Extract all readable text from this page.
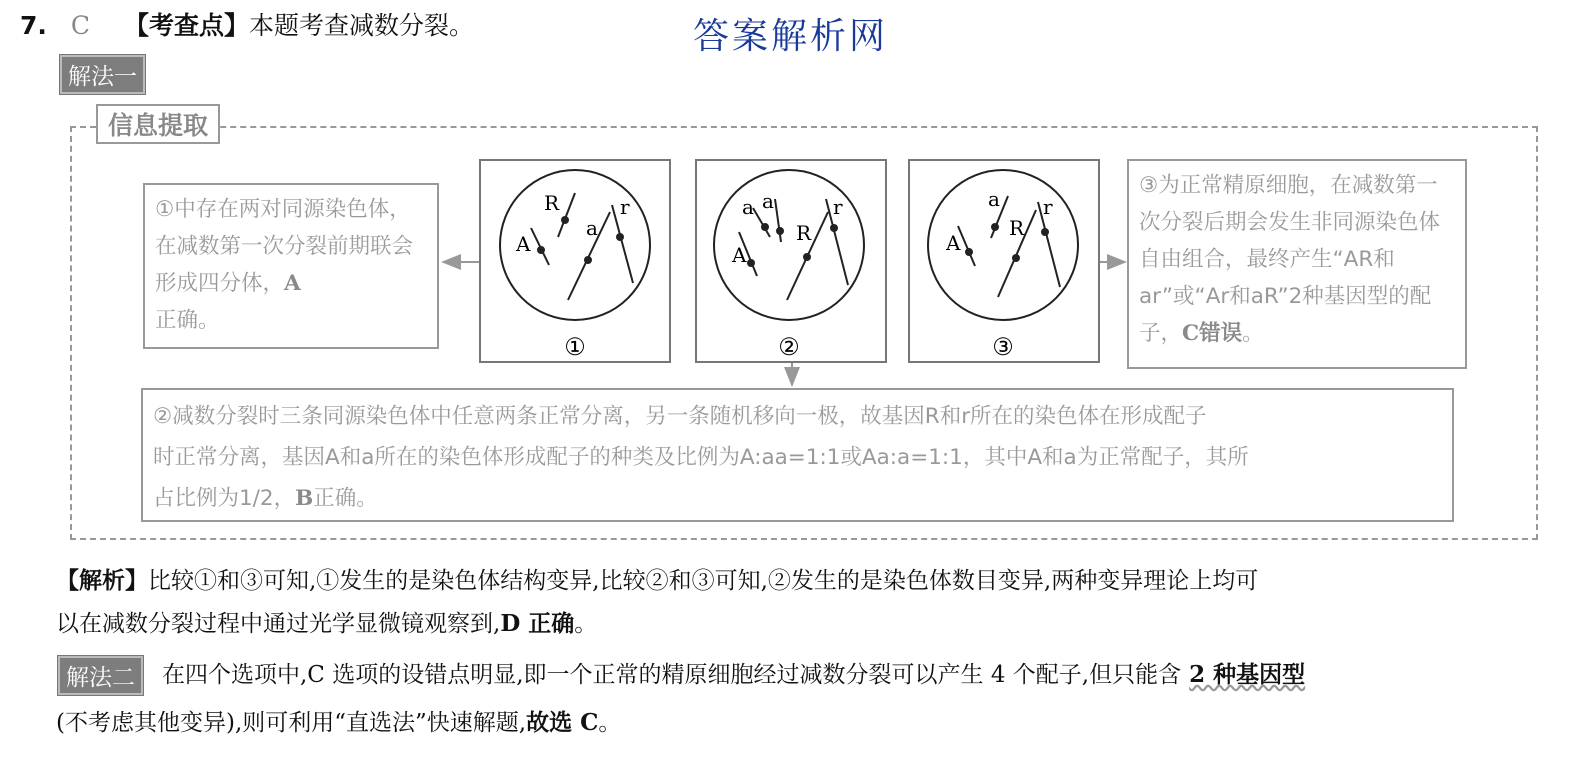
7. C 【考查点】本题考查减数分裂。	答案解析网
解法一
信息提取
①中存在两对同源染色体，在减数第一次分裂前期联会形成四分体，A
正确。
③为正常精原细胞，在减数第一次分裂后期会发生非同源染色体自由组合，最终产生“AR和ar”或“Ar和aR”2种基因型的配子，C错误。
②减数分裂时三条同源染色体中任意两条正常分离，另一条随机移向一极，故基因R和r所在的染色体在形成配子
时正常分离，基因A和a所在的染色体形成配子的种类及比例为A:aa=1:1或Aa:a=1:1，其中A和a为正常配子，其所
占比例为1/2，B正确。
A
R
a
r	a a
A
R
r	a
A
R
r
①	②	③
【解析】比较①和③可知,①发生的是染色体结构变异,比较②和③可知,②发生的是染色体数目变异,两种变异理论上均可
以在减数分裂过程中通过光学显微镜观察到,D 正确。
解法二	在四个选项中,C 选项的设错点明显,即一个正常的精原细胞经过减数分裂可以产生 4 个配子,但只能含 2 种基因型
(不考虑其他变异),则可利用“直选法”快速解题,故选 C。
